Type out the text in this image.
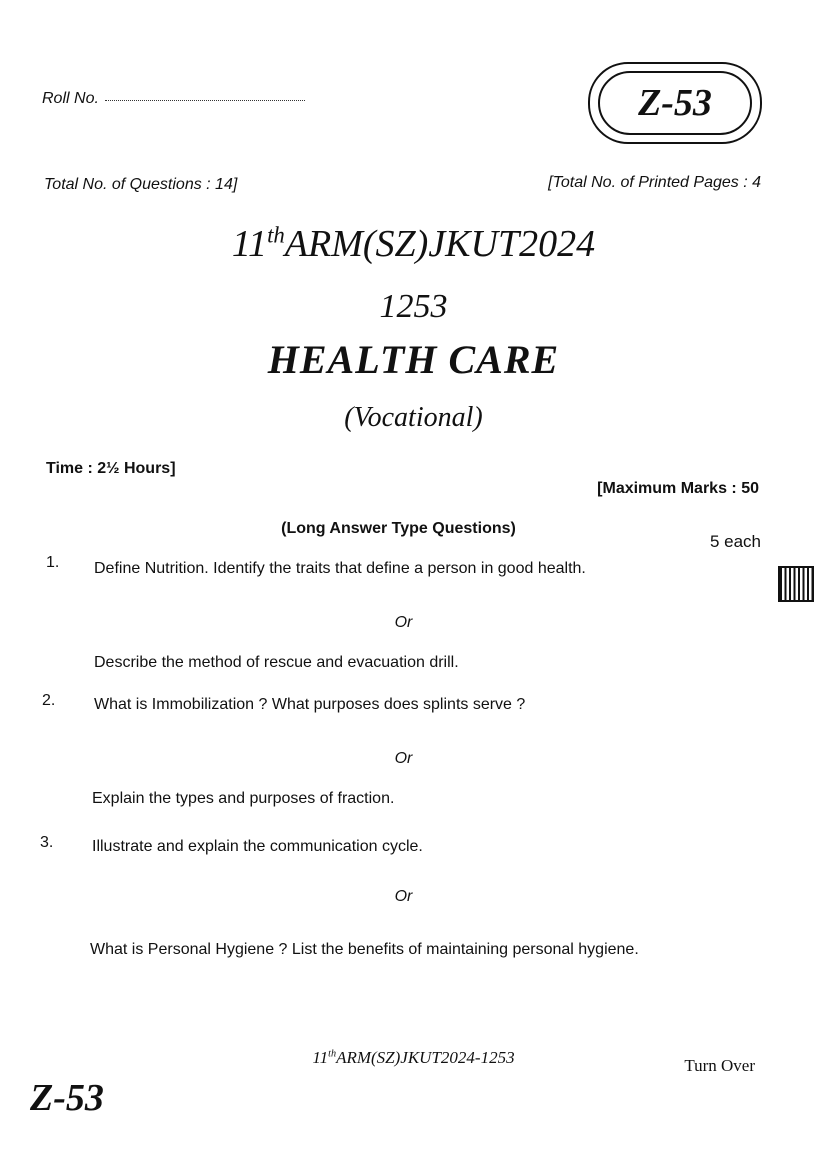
Roll No.	Z-53
Total No. of Questions : 14]	[Total No. of Printed Pages : 4
11thARM(SZ)JKUT2024
1253
HEALTH CARE
(Vocational)
Time : 2½ Hours]
[Maximum Marks : 50
(Long Answer Type Questions)
5 each
1. Define Nutrition. Identify the traits that define a person in good health.
Or
Describe the method of rescue and evacuation drill.
2. What is Immobilization ? What purposes does splints serve ?
Or
Explain the types and purposes of fraction.
3. Illustrate and explain the communication cycle.
Or
What is Personal Hygiene ? List the benefits of maintaining personal hygiene.
11thARM(SZ)JKUT2024-1253	Turn Over
Z-53
